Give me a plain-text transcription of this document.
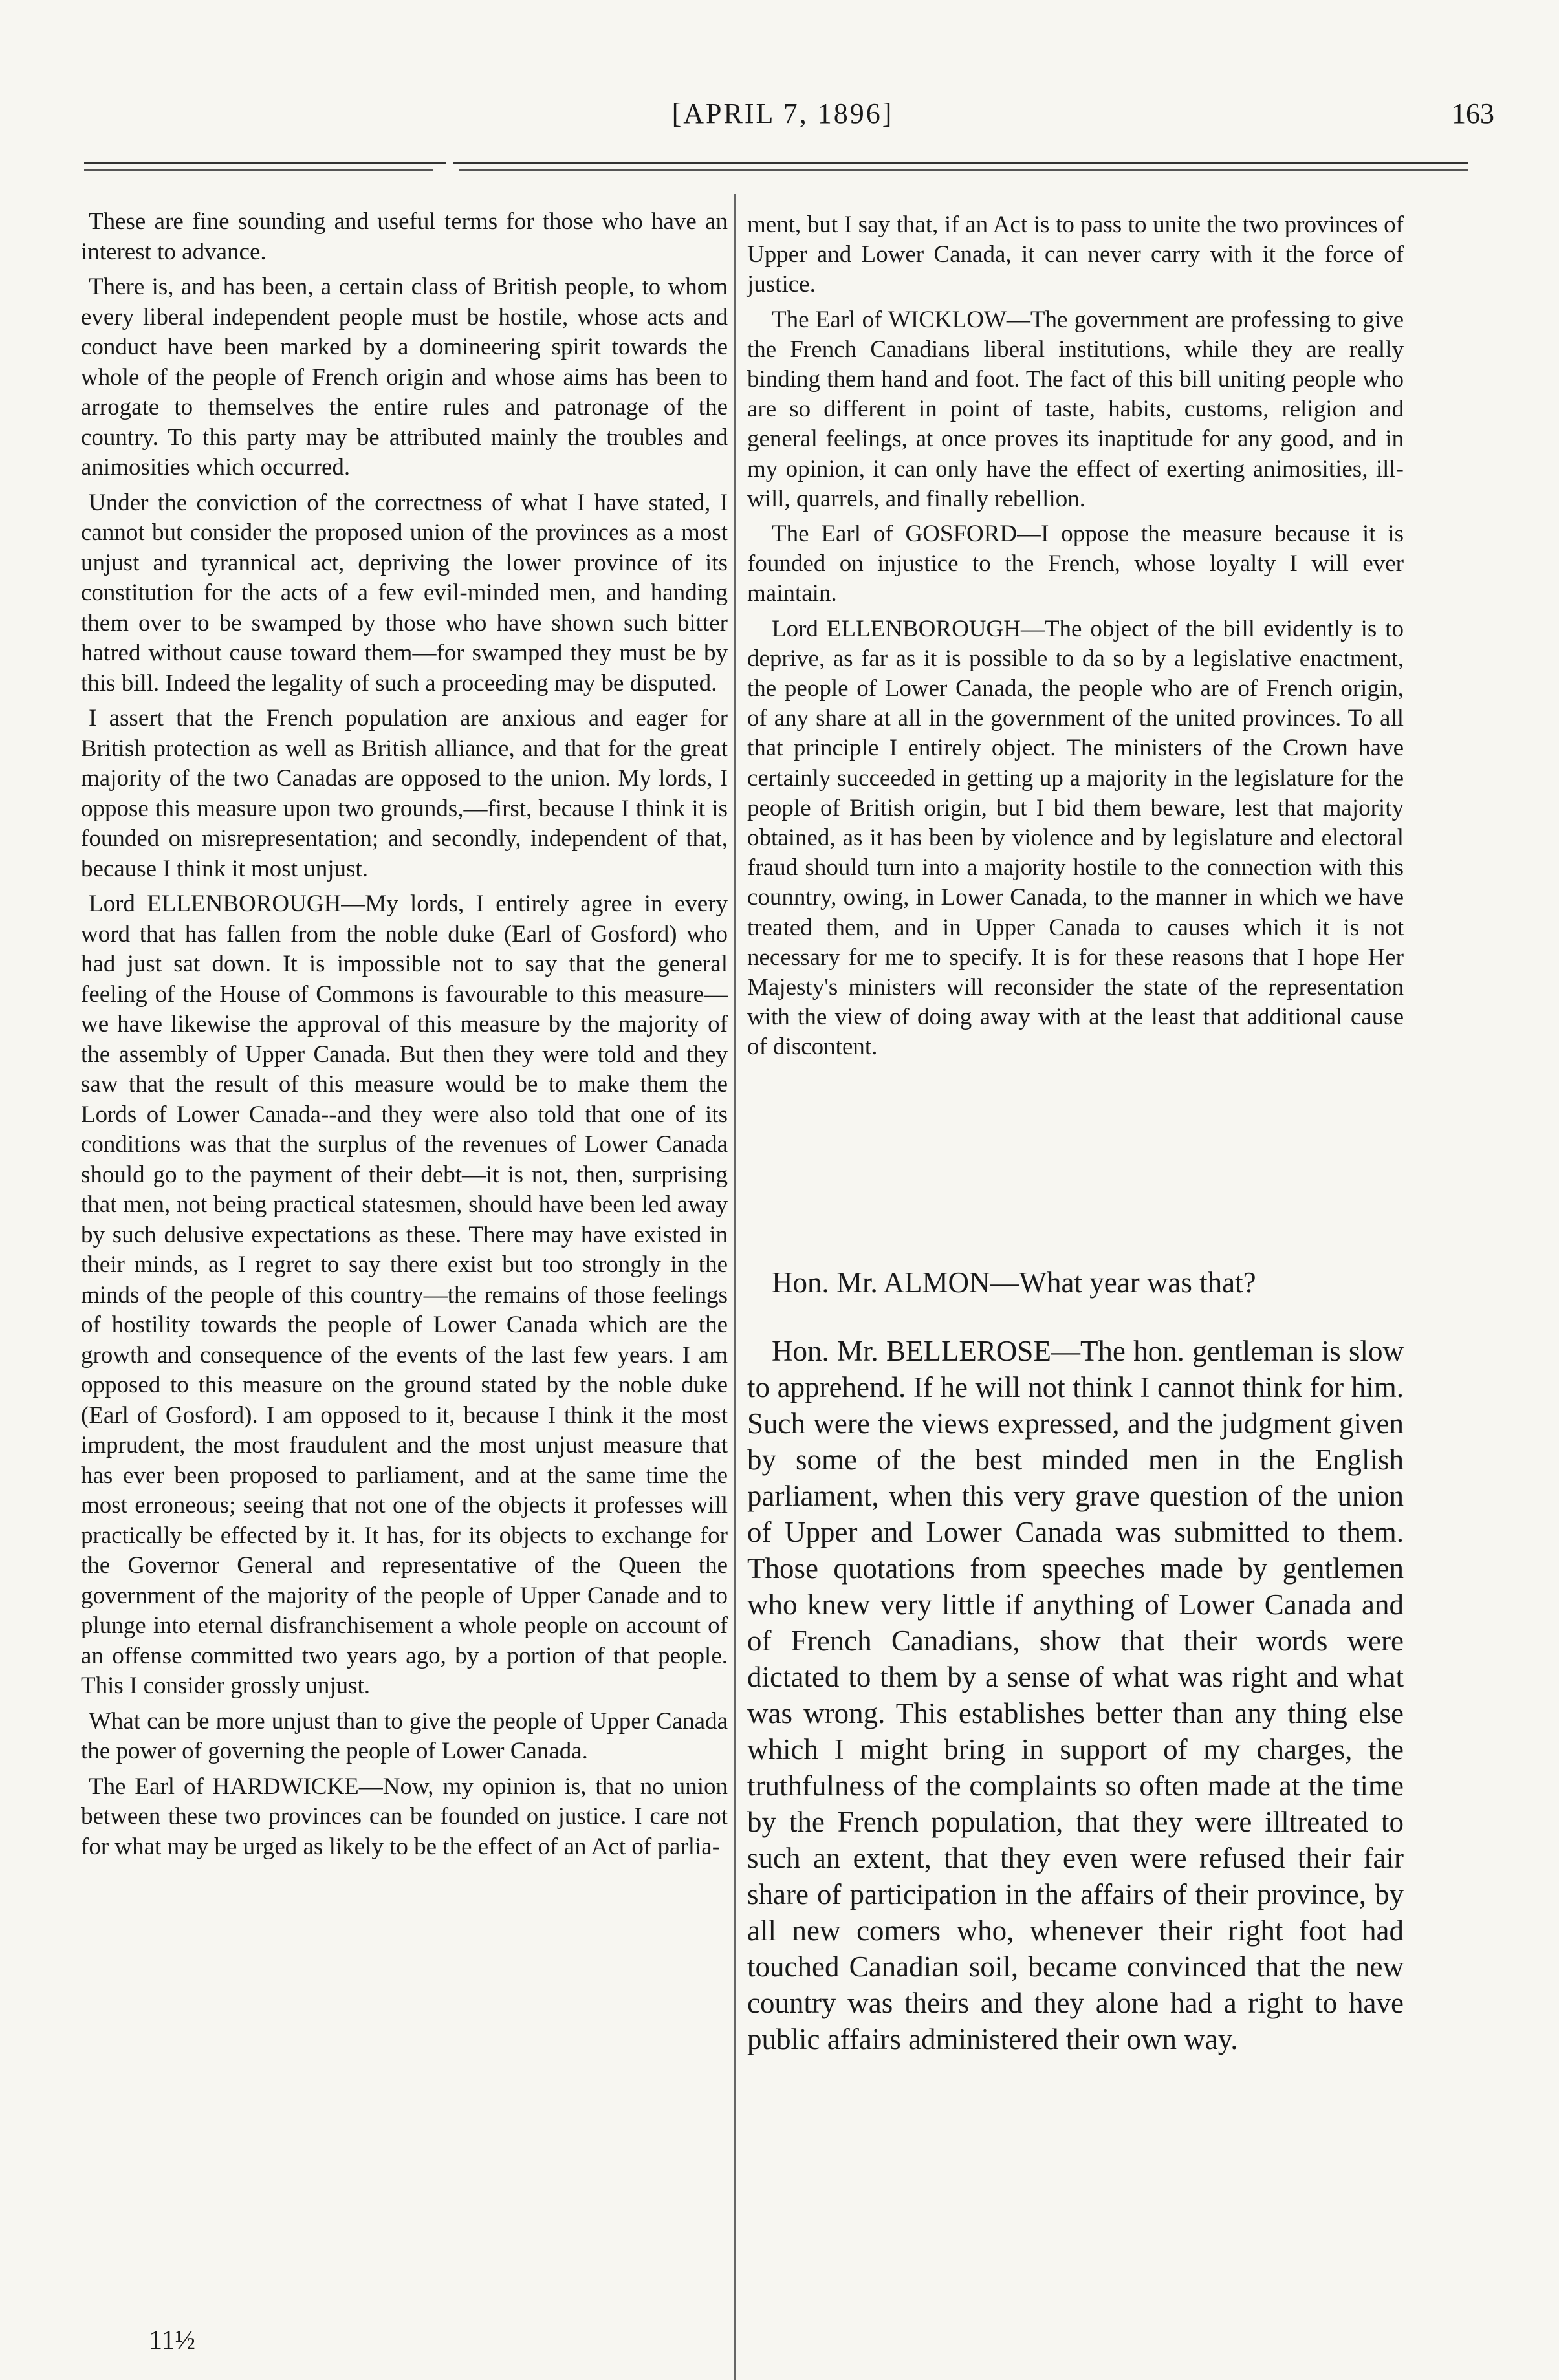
[APRIL 7, 1896]	163

These are fine sounding and useful terms for those who have an interest to advance.

There is, and has been, a certain class of British people, to whom every liberal independent people must be hostile, whose acts and conduct have been marked by a domineering spirit towards the whole of the people of French origin and whose aims has been to arrogate to themselves the entire rules and patronage of the country. To this party may be attributed mainly the troubles and animosities which occurred.

Under the conviction of the correctness of what I have stated, I cannot but consider the proposed union of the provinces as a most unjust and tyrannical act, depriving the lower province of its constitution for the acts of a few evil-minded men, and handing them over to be swamped by those who have shown such bitter hatred without cause toward them—for swamped they must be by this bill. Indeed the legality of such a proceeding may be disputed.

I assert that the French population are anxious and eager for British protection as well as British alliance, and that for the great majority of the two Canadas are opposed to the union. My lords, I oppose this measure upon two grounds,—first, because I think it is founded on misrepresentation; and secondly, independent of that, because I think it most unjust.

Lord ELLENBOROUGH—My lords, I entirely agree in every word that has fallen from the noble duke (Earl of Gosford) who had just sat down. It is impossible not to say that the general feeling of the House of Commons is favourable to this measure—we have likewise the approval of this measure by the majority of the assembly of Upper Canada. But then they were told and they saw that the result of this measure would be to make them the Lords of Lower Canada--and they were also told that one of its conditions was that the surplus of the revenues of Lower Canada should go to the payment of their debt—it is not, then, surprising that men, not being practical statesmen, should have been led away by such delusive expectations as these. There may have existed in their minds, as I regret to say there exist but too strongly in the minds of the people of this country—the remains of those feelings of hostility towards the people of Lower Canada which are the growth and consequence of the events of the last few years. I am opposed to this measure on the ground stated by the noble duke (Earl of Gosford). I am opposed to it, because I think it the most imprudent, the most fraudulent and the most unjust measure that has ever been proposed to parliament, and at the same time the most erroneous; seeing that not one of the objects it professes will practically be effected by it. It has, for its objects to exchange for the Governor General and representative of the Queen the government of the majority of the people of Upper Canade and to plunge into eternal disfranchisement a whole people on account of an offense committed two years ago, by a portion of that people. This I consider grossly unjust.

What can be more unjust than to give the people of Upper Canada the power of governing the people of Lower Canada.

The Earl of HARDWICKE—Now, my opinion is, that no union between these two provinces can be founded on justice. I care not for what may be urged as likely to be the effect of an Act of parlia-

ment, but I say that, if an Act is to pass to unite the two provinces of Upper and Lower Canada, it can never carry with it the force of justice.

The Earl of WICKLOW—The government are professing to give the French Canadians liberal institutions, while they are really binding them hand and foot. The fact of this bill uniting people who are so different in point of taste, habits, customs, religion and general feelings, at once proves its inaptitude for any good, and in my opinion, it can only have the effect of exerting animosities, ill-will, quarrels, and finally rebellion.

The Earl of GOSFORD—I oppose the measure because it is founded on injustice to the French, whose loyalty I will ever maintain.

Lord ELLENBOROUGH—The object of the bill evidently is to deprive, as far as it is possible to da so by a legislative enactment, the people of Lower Canada, the people who are of French origin, of any share at all in the government of the united provinces. To all that principle I entirely object. The ministers of the Crown have certainly succeeded in getting up a majority in the legislature for the people of British origin, but I bid them beware, lest that majority obtained, as it has been by violence and by legislature and electoral fraud should turn into a majority hostile to the connection with this counntry, owing, in Lower Canada, to the manner in which we have treated them, and in Upper Canada to causes which it is not necessary for me to specify. It is for these reasons that I hope Her Majesty's ministers will reconsider the state of the representation with the view of doing away with at the least that additional cause of discontent.

Hon. Mr. ALMON—What year was that?

Hon. Mr. BELLEROSE—The hon. gentleman is slow to apprehend. If he will not think I cannot think for him. Such were the views expressed, and the judgment given by some of the best minded men in the English parliament, when this very grave question of the union of Upper and Lower Canada was submitted to them. Those quotations from speeches made by gentlemen who knew very little if anything of Lower Canada and of French Canadians, show that their words were dictated to them by a sense of what was right and what was wrong. This establishes better than any thing else which I might bring in support of my charges, the truthfulness of the complaints so often made at the time by the French population, that they were illtreated to such an extent, that they even were refused their fair share of participation in the affairs of their province, by all new comers who, whenever their right foot had touched Canadian soil, became convinced that the new country was theirs and they alone had a right to have public affairs administered their own way.

11½
